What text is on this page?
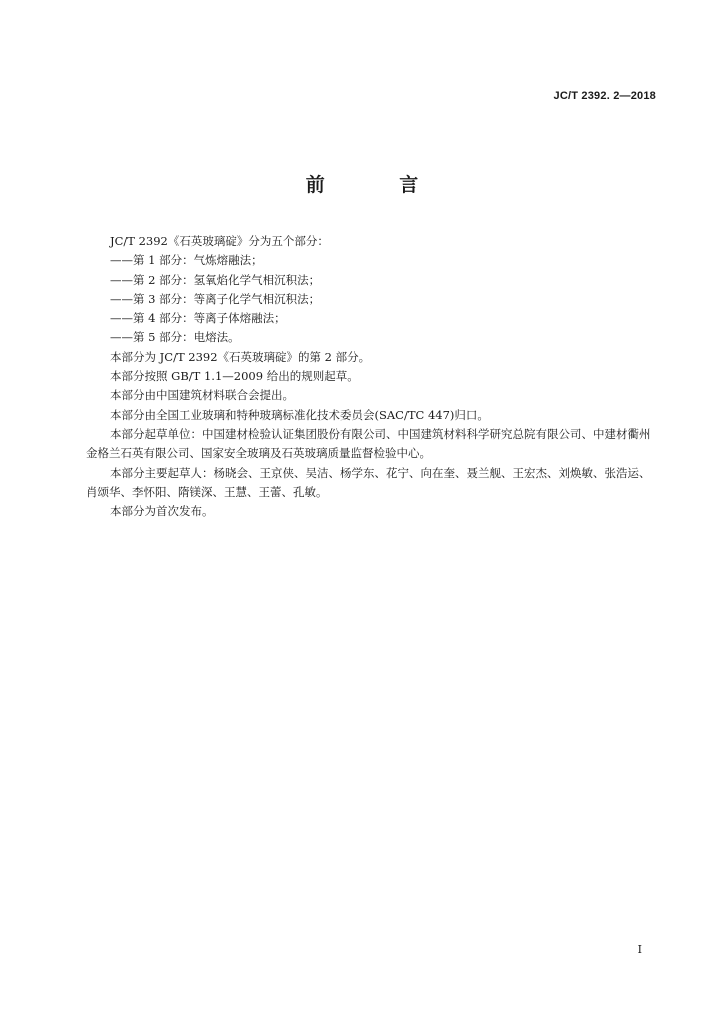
JC/T 2392. 2—2018
前 言

JC/T 2392《石英玻璃碇》分为五个部分：

——第 1 部分：气炼熔融法；

——第 2 部分：氢氧焰化学气相沉积法；

——第 3 部分：等离子化学气相沉积法；

——第 4 部分：等离子体熔融法；

——第 5 部分：电熔法。

本部分为 JC/T 2392《石英玻璃碇》的第 2 部分。

本部分按照 GB/T 1.1—2009 给出的规则起草。

本部分由中国建筑材料联合会提出。

本部分由全国工业玻璃和特种玻璃标准化技术委员会(SAC/TC 447)归口。

本部分起草单位：中国建材检验认证集团股份有限公司、中国建筑材料科学研究总院有限公司、中建材衢州金格兰石英有限公司、国家安全玻璃及石英玻璃质量监督检验中心。

本部分主要起草人：杨晓会、王京侠、吴洁、杨学东、花宁、向在奎、聂兰舰、王宏杰、刘焕敏、张浩运、肖颂华、李怀阳、隋镁深、王慧、王蕾、孔敏。

本部分为首次发布。

I
